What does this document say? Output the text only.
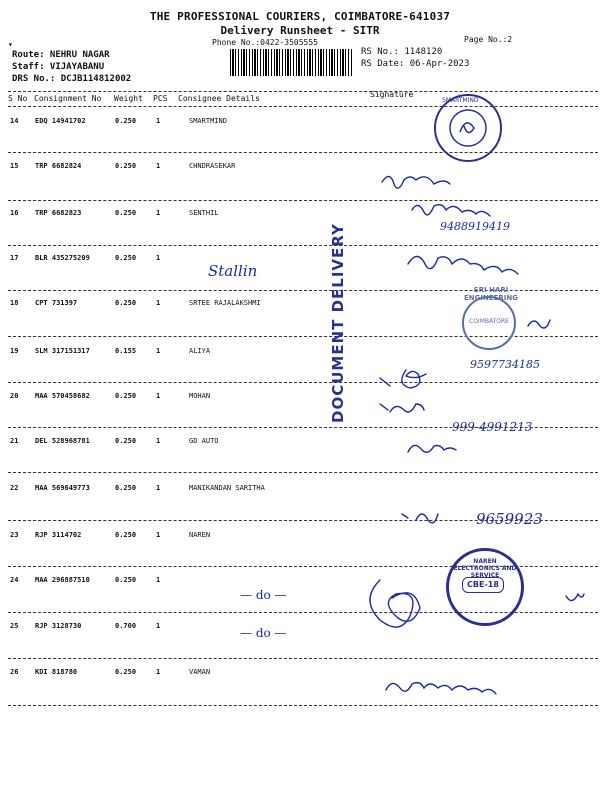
THE PROFESSIONAL COURIERS, COIMBATORE-641037
Delivery Runsheet - SITR
Phone No.:0422-3505555	Page No.:2
▾
Route: NEHRU NAGAR
Staff: VIJAYABANU
DRS No.: DCJB114812002
RS No.: 1148120
RS Date: 06-Apr-2023
S No Consignment No Weight PCS Consignee Details	Signature
14 EDQ 14941702	0.250	1	SMARTMIND
15 TRP 6682824	0.250	1	CHNDRASEKAR
16 TRP 6682823	0.250	1	SENTHIL
17 BLR 435275209	0.250	1
18 CPT 731397	0.250	1	SRTEE RAJALAKSHMI
19 SLM 317151317	0.155	1	ALIYA
20 MAA 570458682	0.250	1	MOHAN
21 DEL 528968781	0.250	1	GD AUTO
22 MAA 569649773	0.250	1	MANIKANDAN SARITHA
23 RJP 3114702	0.250	1	NAREN
24 MAA 296887510	0.250	1
25 RJP 3128730	0.700	1
26 KDI 818780	0.250	1	VAMAN
DOCUMENT DELIVERY
SMARTMIND
SRI HARI ENGINEERING
COIMBATORE
NAREN ELECTRONICS AND SERVICE
CBE-18
Stallin
9488919419
9597734185
999-4991213
9659923
— do —
— do —
